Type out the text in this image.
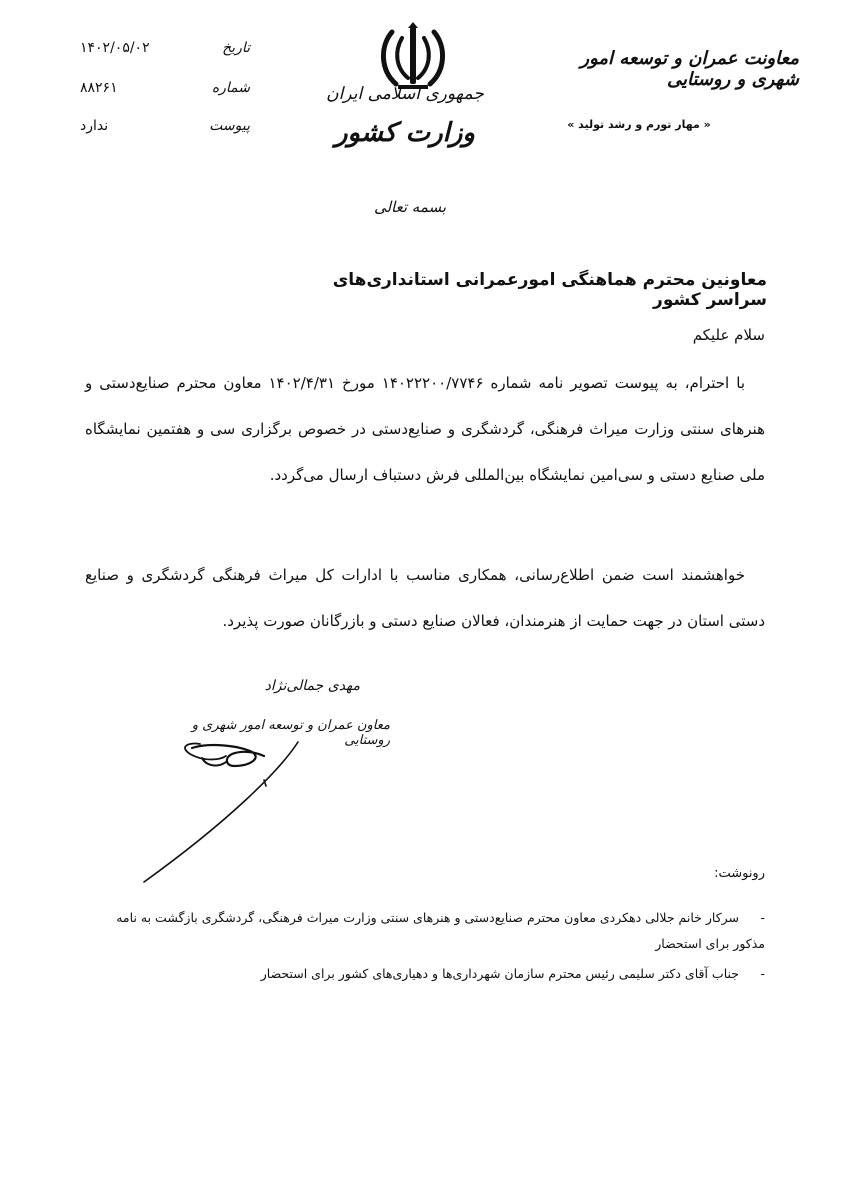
تاریخ
۱۴۰۲/۰۵/۰۲
شماره
۸۸۲۶۱
پیوست
ندارد
جمهوری اسلامی ایران
وزارت کشور
معاونت عمران و توسعه امور شهری و روستایی
« مهار تورم و رشد تولید »
بسمه تعالی
معاونین محترم هماهنگی امورعمرانی استانداری‌های سراسر کشور
سلام علیکم
با احترام، به پیوست تصویر نامه شماره ۱۴۰۲۲۲۰۰/۷۷۴۶ مورخ ۱۴۰۲/۴/۳۱ معاون محترم صنایع‌دستی و هنرهای سنتی وزارت میراث فرهنگی، گردشگری و صنایع‌دستی در خصوص برگزاری سی و هفتمین نمایشگاه ملی صنایع دستی و سی‌امین نمایشگاه بین‌المللی فرش دستباف ارسال می‌گردد.
خواهشمند است ضمن اطلاع‌رسانی، همکاری مناسب با ادارات کل میراث فرهنگی گردشگری و صنایع دستی استان در جهت حمایت از هنرمندان، فعالان صنایع دستی و بازرگانان صورت پذیرد.
مهدی جمالی‌نژاد
معاون عمران و توسعه امور شهری و روستایی
رونوشت:
- سرکار خانم جلالی دهکردی معاون محترم صنایع‌دستی و هنرهای سنتی وزارت میراث فرهنگی، گردشگری بازگشت به نامه مذکور برای استحضار
- جناب آقای دکتر سلیمی رئیس محترم سازمان شهرداری‌ها و دهیاری‌های کشور برای استحضار
